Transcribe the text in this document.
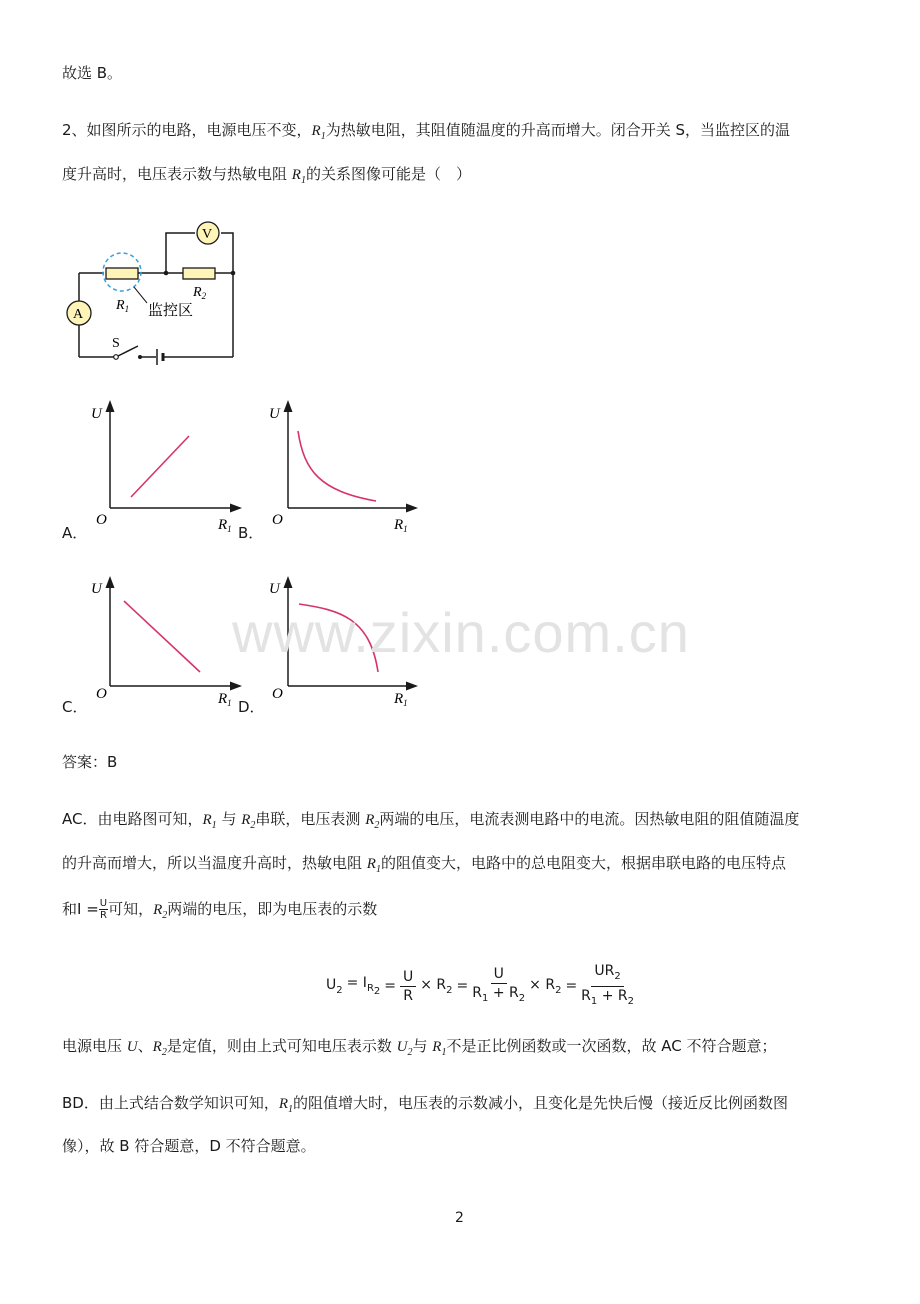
故选 B。
2、如图所示的电路，电源电压不变，$R_1$为热敏电阻，其阻值随温度的升高而增大。闭合开关 S，当监控区的温
度升高时，电压表示数与热敏电阻 $R_1$的关系图像可能是（　）
S
$R_1$ 监控区
$R_2$
V
A
U
O	$R_1$
U
O	$R_1$
U
O	$R_1$
U
O	$R_1$
A．	B．
C．	D．
www.zixin.com.cn
答案：B
AC．由电路图可知，$R_1$ 与 $R_2$串联，电压表测 $R_2$两端的电压，电流表测电路中的电流。因热敏电阻的阻值随温度
的升高而增大，所以当温度升高时，热敏电阻 $R_1$的阻值变大，电路中的总电阻变大，根据串联电路的电压特点
和$I = \frac{U}{R}$ 可知，$R_2$两端的电压，即为电压表的示数
$U_2 = I_{R_2} = \frac{U}{R} \times R_2 = \frac{U}{R_1 + R_2} \times R_2 = \frac{UR_2}{R_1 + R_2}$
电源电压 U、$R_2$是定值，则由上式可知电压表示数 $U_2$与 $R_1$不是正比例函数或一次函数，故 AC 不符合题意；
BD．由上式结合数学知识可知，$R_1$的阻值增大时，电压表的示数减小，且变化是先快后慢（接近反比例函数图
像），故 B 符合题意，D 不符合题意。
2
